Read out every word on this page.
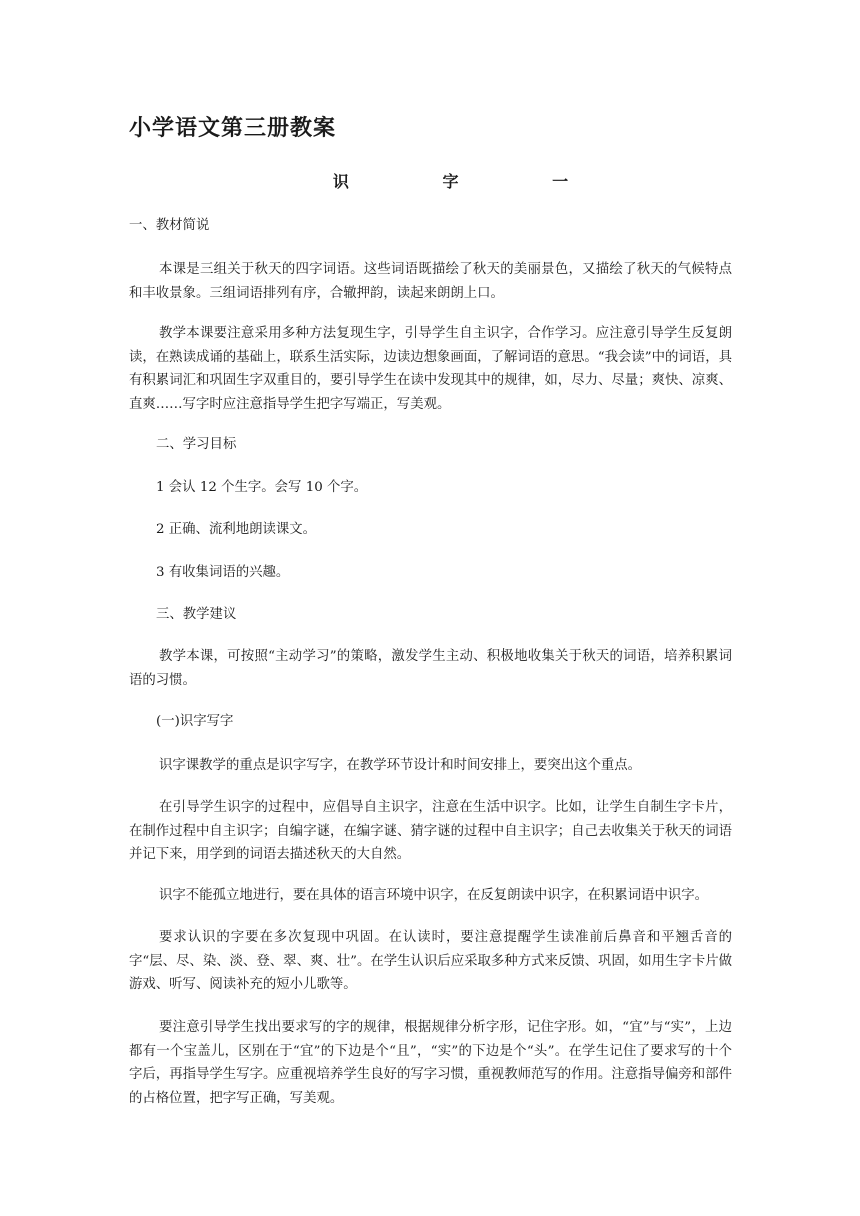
小学语文第三册教案
识 字 一

一、教材简说

本课是三组关于秋天的四字词语。这些词语既描绘了秋天的美丽景色，又描绘了秋天的气候特点和丰收景象。三组词语排列有序，合辙押韵，读起来朗朗上口。

教学本课要注意采用多种方法复现生字，引导学生自主识字，合作学习。应注意引导学生反复朗读，在熟读成诵的基础上，联系生活实际，边读边想象画面，了解词语的意思。“我会读”中的词语，具有积累词汇和巩固生字双重目的，要引导学生在读中发现其中的规律，如，尽力、尽量；爽快、凉爽、直爽……写字时应注意指导学生把字写端正，写美观。

二、学习目标

1 会认 12 个生字。会写 10 个字。

2 正确、流利地朗读课文。

3 有收集词语的兴趣。

三、教学建议

教学本课，可按照“主动学习”的策略，激发学生主动、积极地收集关于秋天的词语，培养积累词语的习惯。

(一)识字写字

识字课教学的重点是识字写字，在教学环节设计和时间安排上，要突出这个重点。

在引导学生识字的过程中，应倡导自主识字，注意在生活中识字。比如，让学生自制生字卡片，在制作过程中自主识字；自编字谜，在编字谜、猜字谜的过程中自主识字；自己去收集关于秋天的词语并记下来，用学到的词语去描述秋天的大自然。

识字不能孤立地进行，要在具体的语言环境中识字，在反复朗读中识字，在积累词语中识字。

要求认识的字要在多次复现中巩固。在认读时，要注意提醒学生读准前后鼻音和平翘舌音的字“层、尽、染、淡、登、翠、爽、壮”。在学生认识后应采取多种方式来反馈、巩固，如用生字卡片做游戏、听写、阅读补充的短小儿歌等。

要注意引导学生找出要求写的字的规律，根据规律分析字形，记住字形。如，“宜”与“实”，上边都有一个宝盖儿，区别在于“宜”的下边是个“且”，“实”的下边是个“头”。在学生记住了要求写的十个字后，再指导学生写字。应重视培养学生良好的写字习惯，重视教师范写的作用。注意指导偏旁和部件的占格位置，把字写正确，写美观。
